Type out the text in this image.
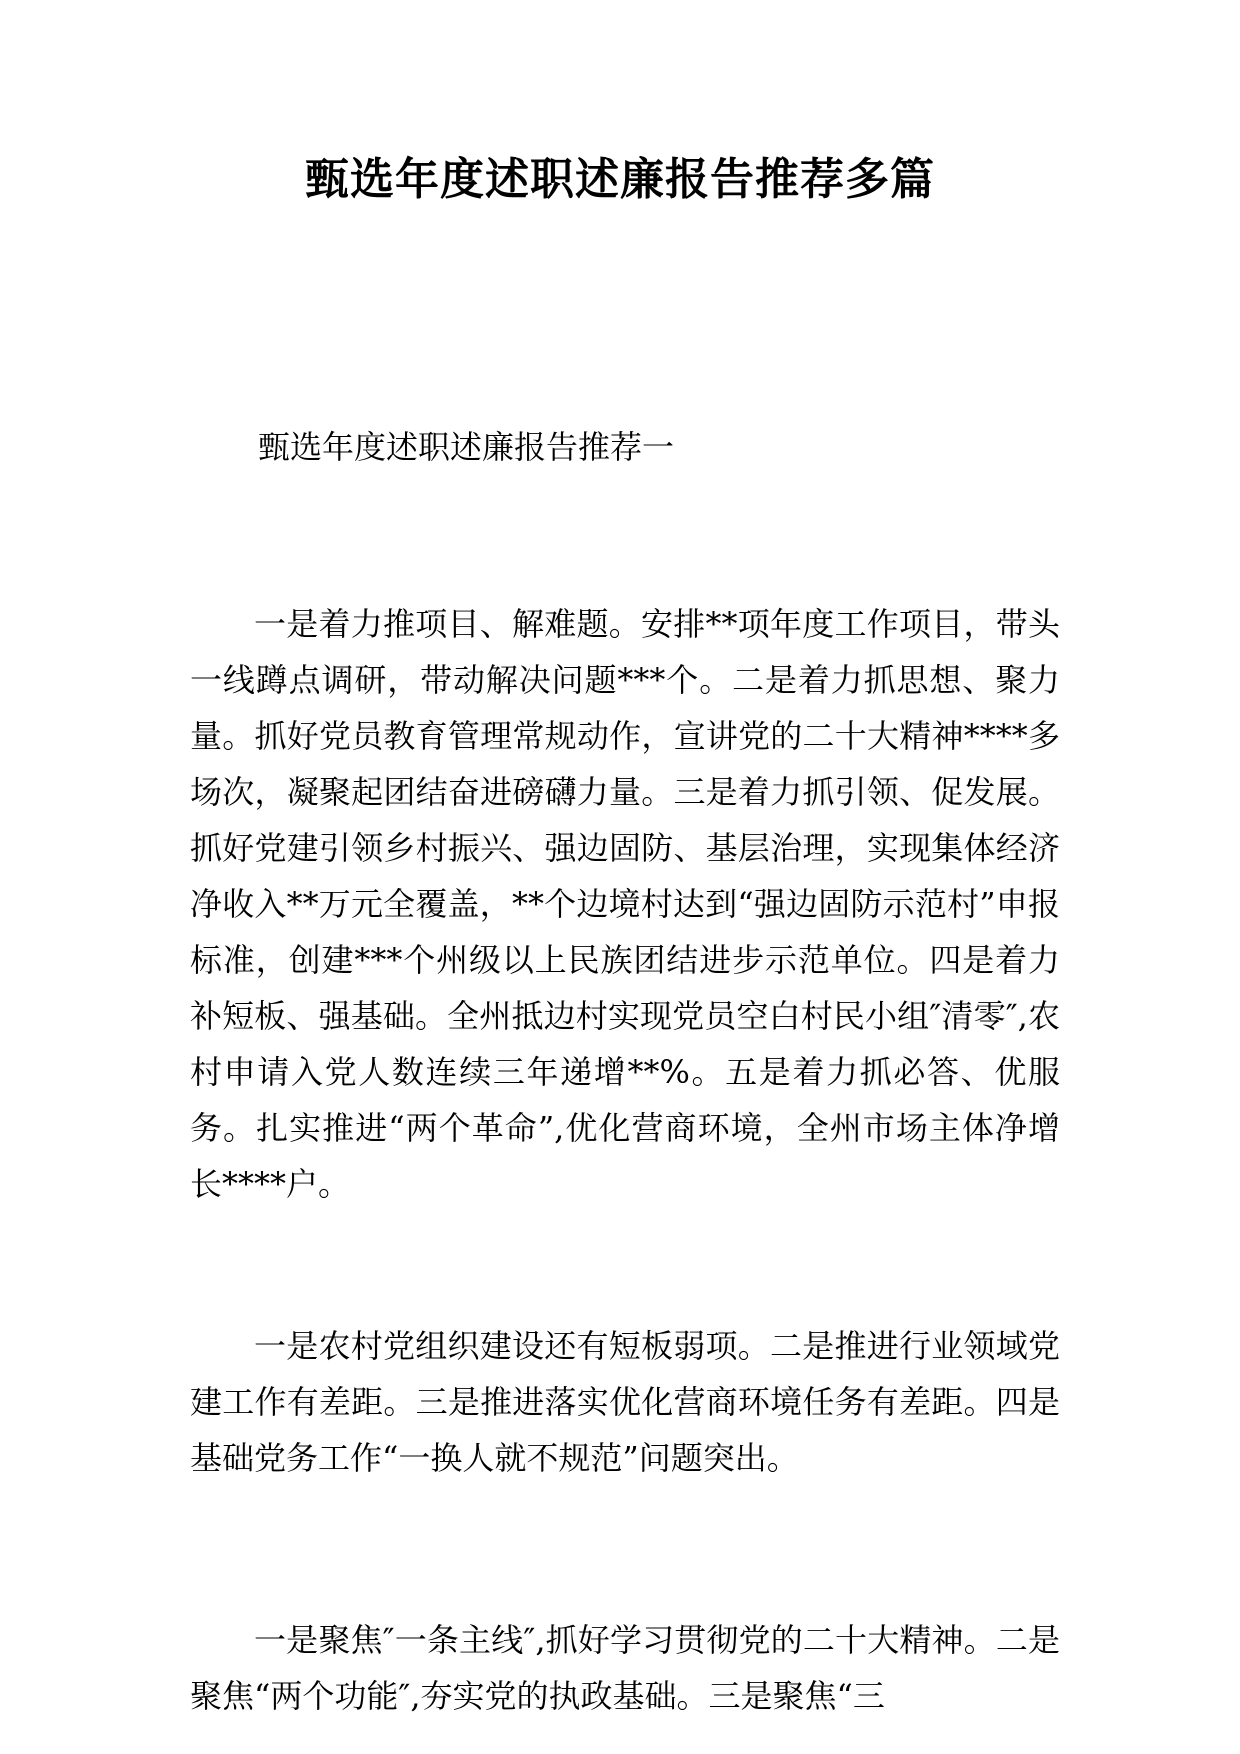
甄选年度述职述廉报告推荐多篇

甄选年度述职述廉报告推荐一

一是着力推项目、解难题。安排**项年度工作项目，带头一线蹲点调研，带动解决问题***个。二是着力抓思想、聚力量。抓好党员教育管理常规动作，宣讲党的二十大精神****多场次，凝聚起团结奋进磅礴力量。三是着力抓引领、促发展。抓好党建引领乡村振兴、强边固防、基层治理，实现集体经济净收入**万元全覆盖，**个边境村达到“强边固防示范村”申报标准，创建***个州级以上民族团结进步示范单位。四是着力补短板、强基础。全州抵边村实现党员空白村民小组″清零″,农村申请入党人数连续三年递增**%。五是着力抓必答、优服务。扎实推进“两个革命”,优化营商环境，全州市场主体净增长****户。

一是农村党组织建设还有短板弱项。二是推进行业领域党建工作有差距。三是推进落实优化营商环境任务有差距。四是基础党务工作“一换人就不规范”问题突出。

一是聚焦″一条主线″,抓好学习贯彻党的二十大精神。二是聚焦“两个功能″,夯实党的执政基础。三是聚焦“三
